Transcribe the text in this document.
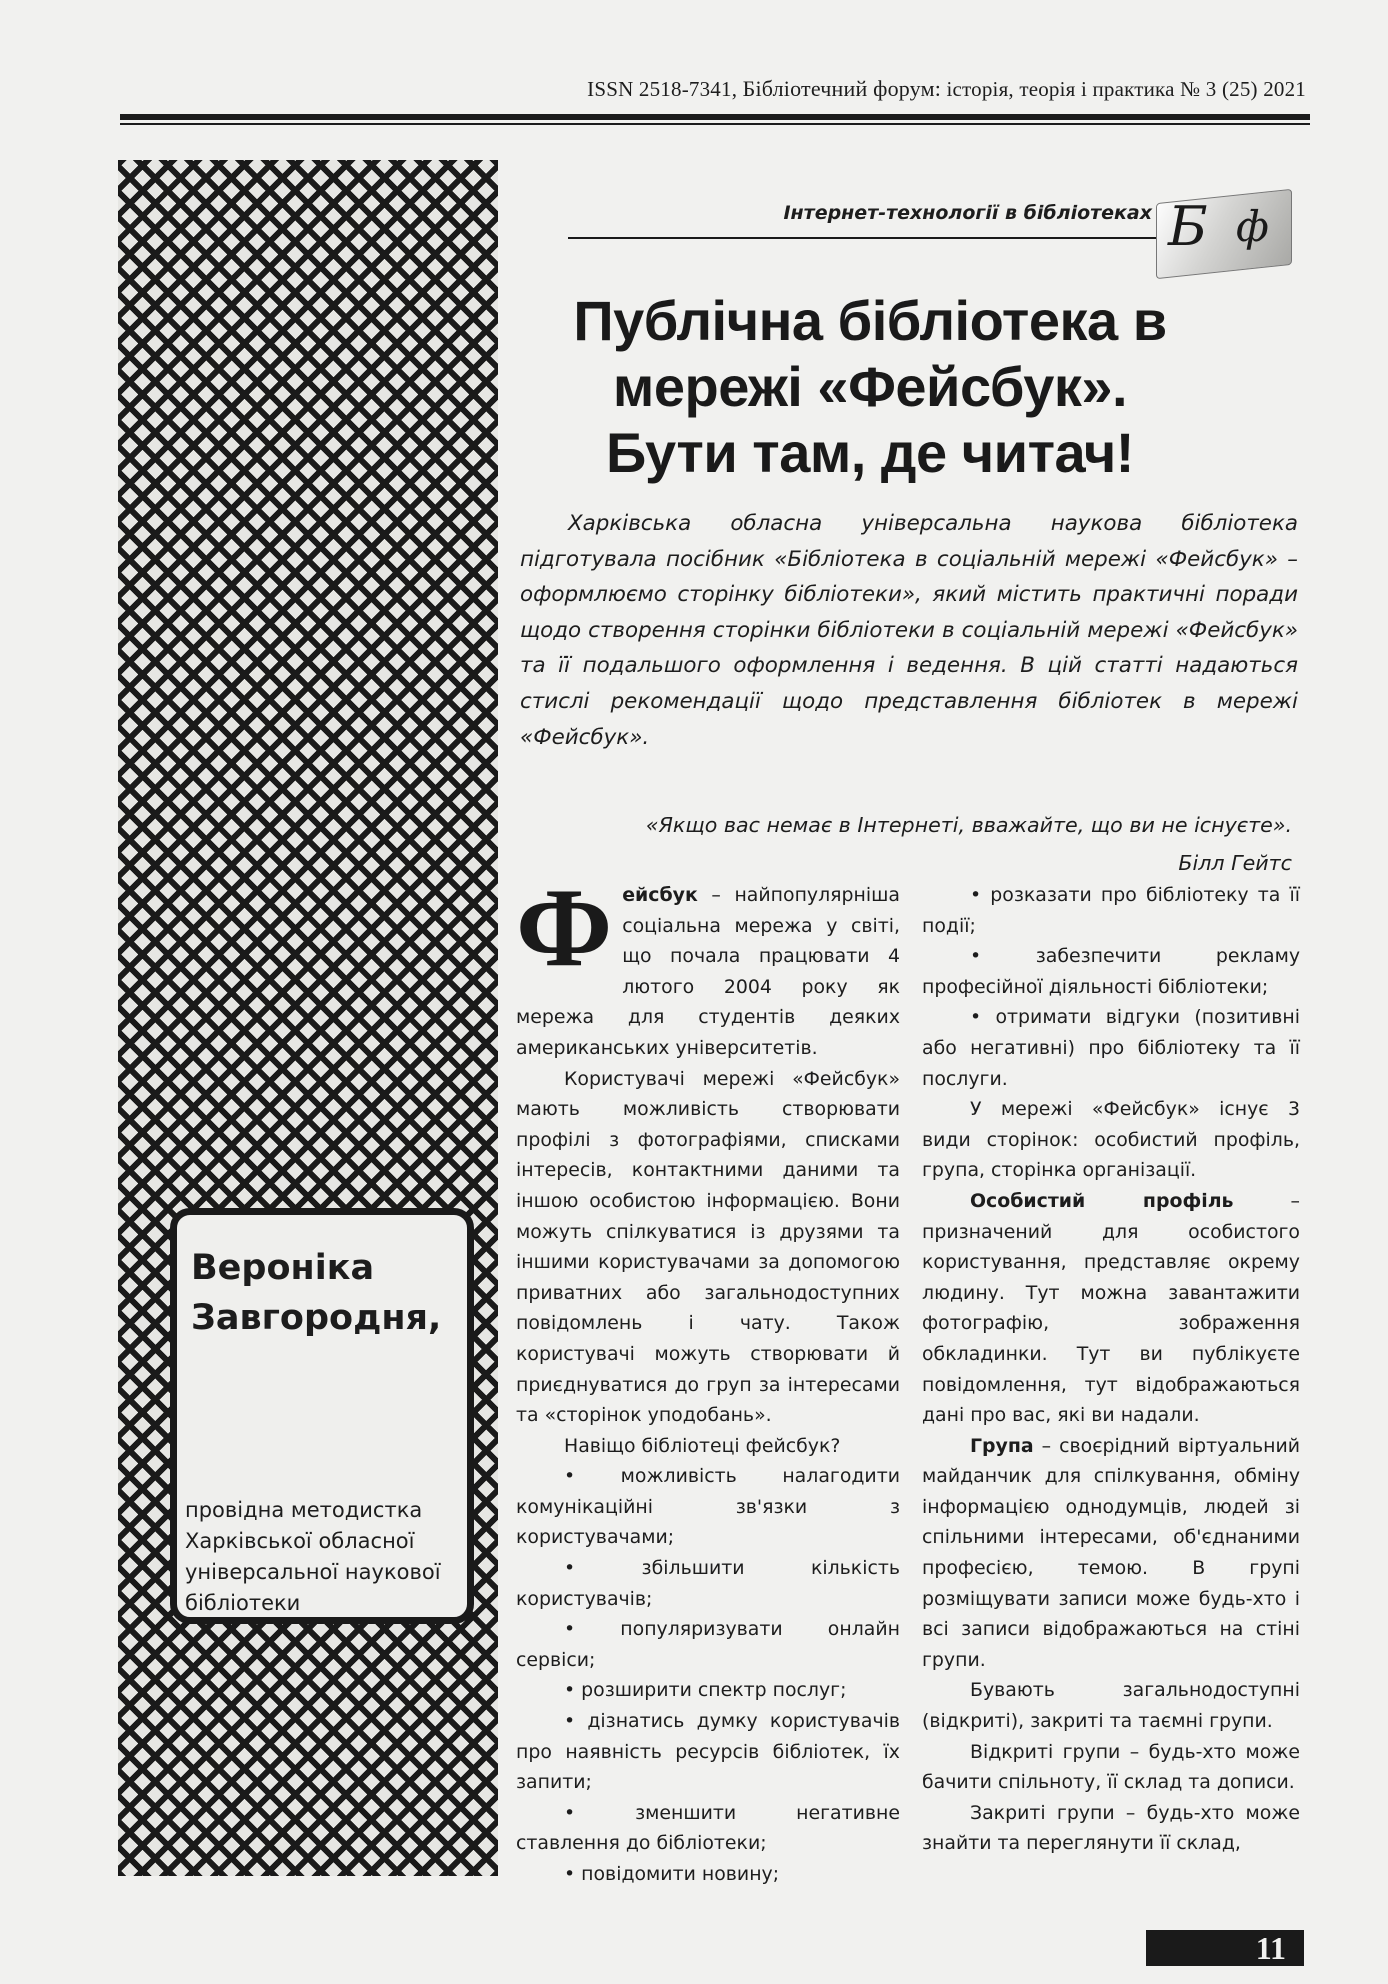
ISSN 2518-7341, Бібліотечний форум: історія, теорія і практика № 3 (25) 2021
Вероніка
Завгородня,
провідна методистка Харківської обласної універсальної наукової бібліотеки
Інтернет-технології в бібліотеках Б ф
Публічна бібліотека в
мережі «Фейсбук».
Бути там, де читач!
Харківська обласна універсальна наукова бібліотека підготувала посібник «Бібліотека в соціальній мережі «Фейсбук» – оформлюємо сторінку бібліотеки», який містить практичні поради щодо створення сторінки бібліотеки в соціальній мережі «Фейсбук» та її подальшого оформлення і ведення. В цій статті надаються стислі рекомендації щодо представлення бібліотек в мережі «Фейсбук».
«Якщо вас немає в Інтернеті, вважайте, що ви не існуєте».
Білл Гейтс

Фейсбук – найпопулярніша соціальна мережа у світі, що почала працювати 4 лютого 2004 року як мережа для студентів деяких американських університетів.

Користувачі мережі «Фейсбук» мають можливість створювати профілі з фотографіями, списками інтересів, контактними даними та іншою особистою інформацією. Вони можуть спілкуватися із друзями та іншими користувачами за допомогою приватних або загальнодоступних повідомлень і чату. Також користувачі можуть створювати й приєднуватися до груп за інтересами та «сторінок уподобань».

Навіщо бібліотеці фейсбук?

• можливість налагодити комунікаційні зв'язки з користувачами;

• збільшити кількість користувачів;

• популяризувати онлайн сервіси;

• розширити спектр послуг;

• дізнатись думку користувачів про наявність ресурсів бібліотек, їх запити;

• зменшити негативне ставлення до бібліотеки;

• повідомити новину;

• розказати про бібліотеку та її події;

• забезпечити рекламу професійної діяльності бібліотеки;

• отримати відгуки (позитивні або негативні) про бібліотеку та її послуги.

У мережі «Фейсбук» існує 3 види сторінок: особистий профіль, група, сторінка організації.

Особистий профіль – призначений для особистого користування, представляє окрему людину. Тут можна завантажити фотографію, зображення обкладинки. Тут ви публікуєте повідомлення, тут відображаються дані про вас, які ви надали.

Група – своєрідний віртуальний майданчик для спілкування, обміну інформацією однодумців, людей зі спільними інтересами, об'єднаними професією, темою. В групі розміщувати записи може будь-хто і всі записи відображаються на стіні групи.

Бувають загальнодоступні (відкриті), закриті та таємні групи.

Відкриті групи – будь-хто може бачити спільноту, її склад та дописи.

Закриті групи – будь-хто може знайти та переглянути її склад,

11
